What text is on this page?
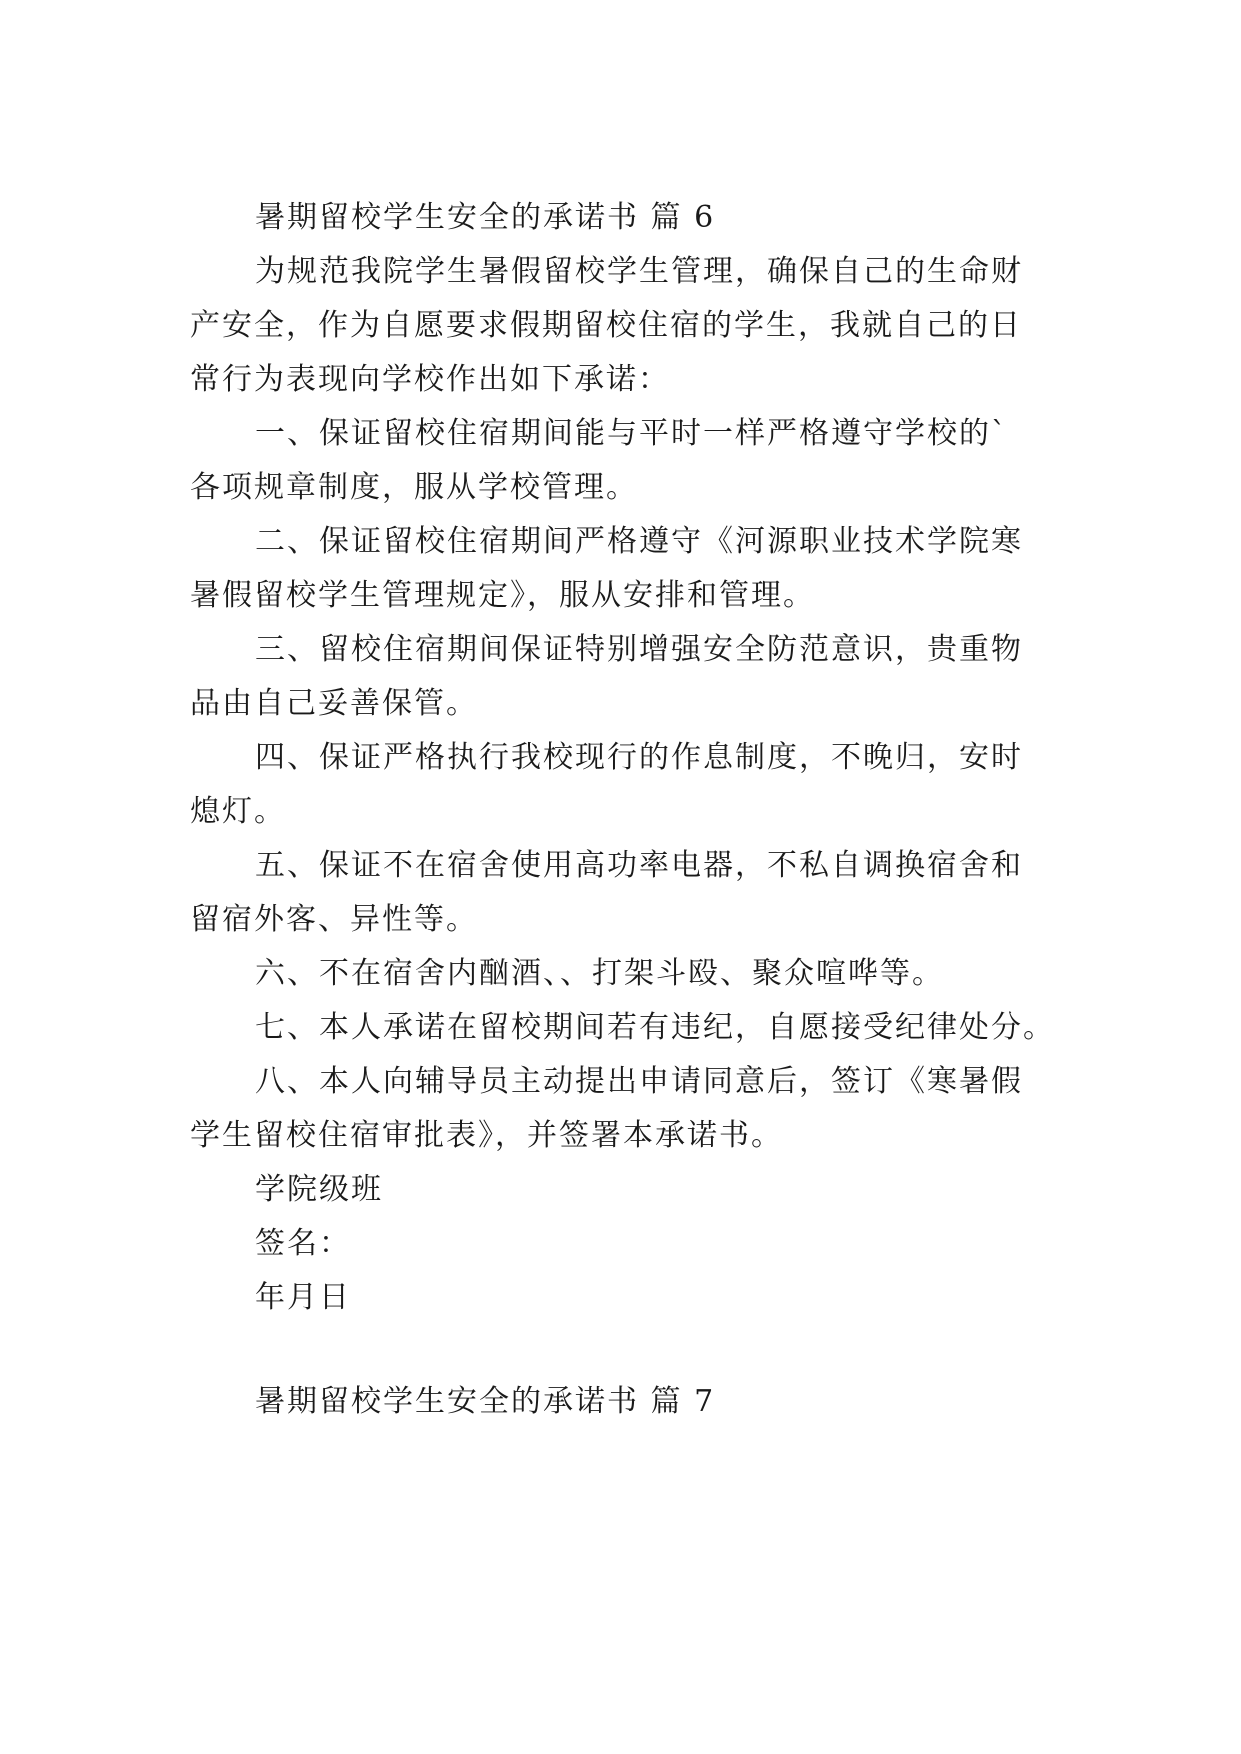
暑期留校学生安全的承诺书 篇 6
为规范我院学生暑假留校学生管理，确保自己的生命财
产安全，作为自愿要求假期留校住宿的学生，我就自己的日
常行为表现向学校作出如下承诺：
一、保证留校住宿期间能与平时一样严格遵守学校的`
各项规章制度，服从学校管理。
二、保证留校住宿期间严格遵守《河源职业技术学院寒
暑假留校学生管理规定》，服从安排和管理。
三、留校住宿期间保证特别增强安全防范意识，贵重物
品由自己妥善保管。
四、保证严格执行我校现行的作息制度，不晚归，安时
熄灯。
五、保证不在宿舍使用高功率电器，不私自调换宿舍和
留宿外客、异性等。
六、不在宿舍内酗酒、、打架斗殴、聚众喧哗等。
七、本人承诺在留校期间若有违纪，自愿接受纪律处分。
八、本人向辅导员主动提出申请同意后，签订《寒暑假
学生留校住宿审批表》，并签署本承诺书。
学院级班
签名：
年月日
暑期留校学生安全的承诺书 篇 7
